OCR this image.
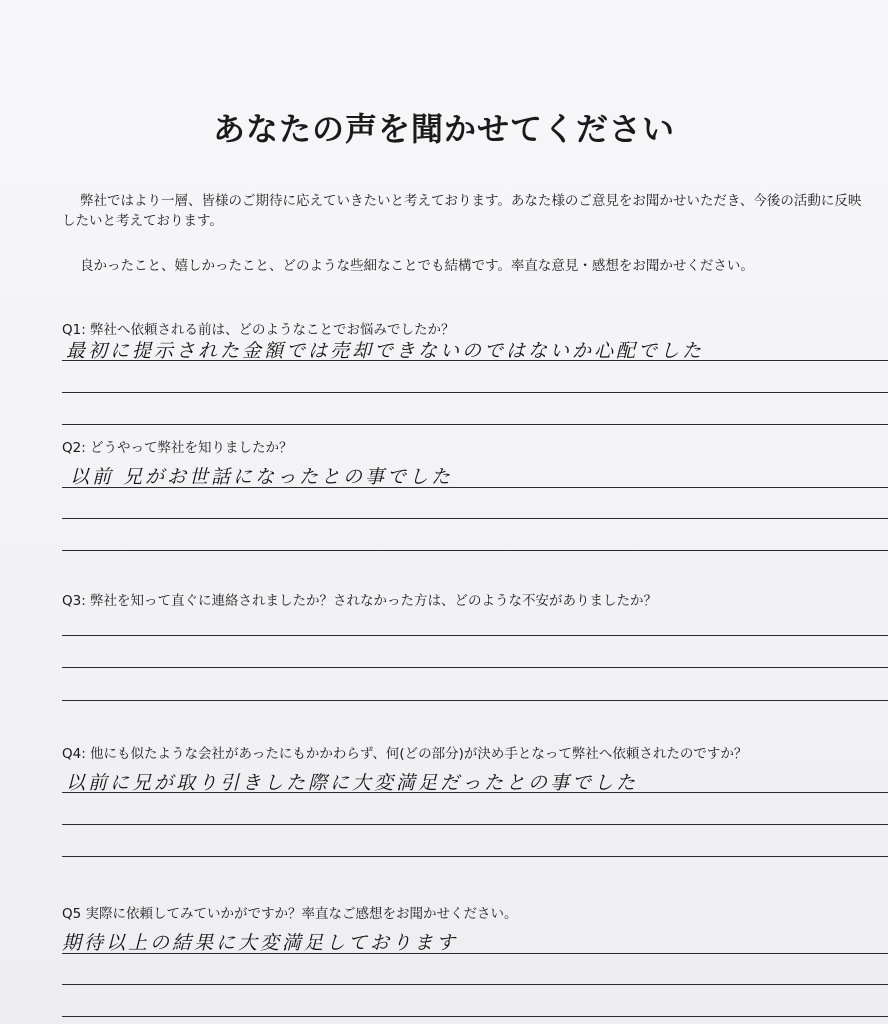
あなたの声を聞かせてください
弊社ではより一層、皆様のご期待に応えていきたいと考えております。あなた様のご意見をお聞かせいただき、今後の活動に反映したいと考えております。
良かったこと、嬉しかったこと、どのような些細なことでも結構です。率直な意見・感想をお聞かせください。
Q1: 弊社へ依頼される前は、どのようなことでお悩みでしたか？
最初に提示された金額では売却できないのではないか心配でした
Q2: どうやって弊社を知りましたか？
以前 兄がお世話になったとの事でした
Q3: 弊社を知って直ぐに連絡されましたか？されなかった方は、どのような不安がありましたか？
Q4: 他にも似たような会社があったにもかかわらず、何(どの部分)が決め手となって弊社へ依頼されたのですか？
以前に兄が取り引きした際に大変満足だったとの事でした
Q5 実際に依頼してみていかがですか？率直なご感想をお聞かせください。
期待以上の結果に大変満足しております
